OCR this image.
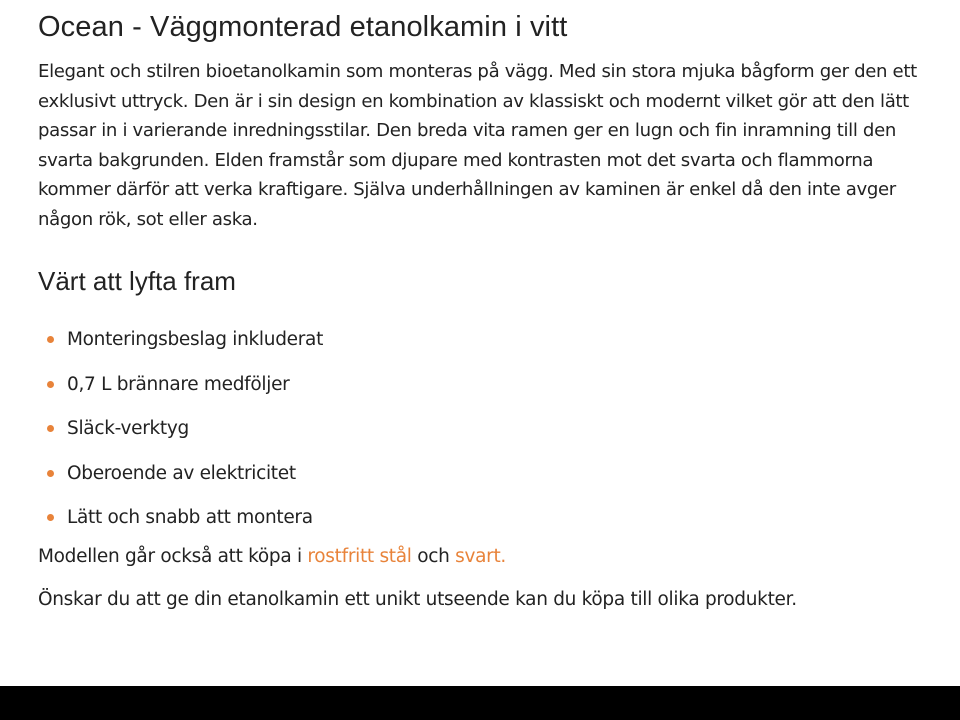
Ocean - Väggmonterad etanolkamin i vitt
Elegant och stilren bioetanolkamin som monteras på vägg. Med sin stora mjuka bågform ger den ett
exklusivt uttryck. Den är i sin design en kombination av klassiskt och modernt vilket gör att den lätt
passar in i varierande inredningsstilar. Den breda vita ramen ger en lugn och fin inramning till den
svarta bakgrunden. Elden framstår som djupare med kontrasten mot det svarta och flammorna
kommer därför att verka kraftigare. Själva underhållningen av kaminen är enkel då den inte avger
någon rök, sot eller aska.
Värt att lyfta fram
Monteringsbeslag inkluderat
0,7 L brännare medföljer
Släck-verktyg
Oberoende av elektricitet
Lätt och snabb att montera

Modellen går också att köpa i rostfritt stål och svart.

Önskar du att ge din etanolkamin ett unikt utseende kan du köpa till olika produkter.
